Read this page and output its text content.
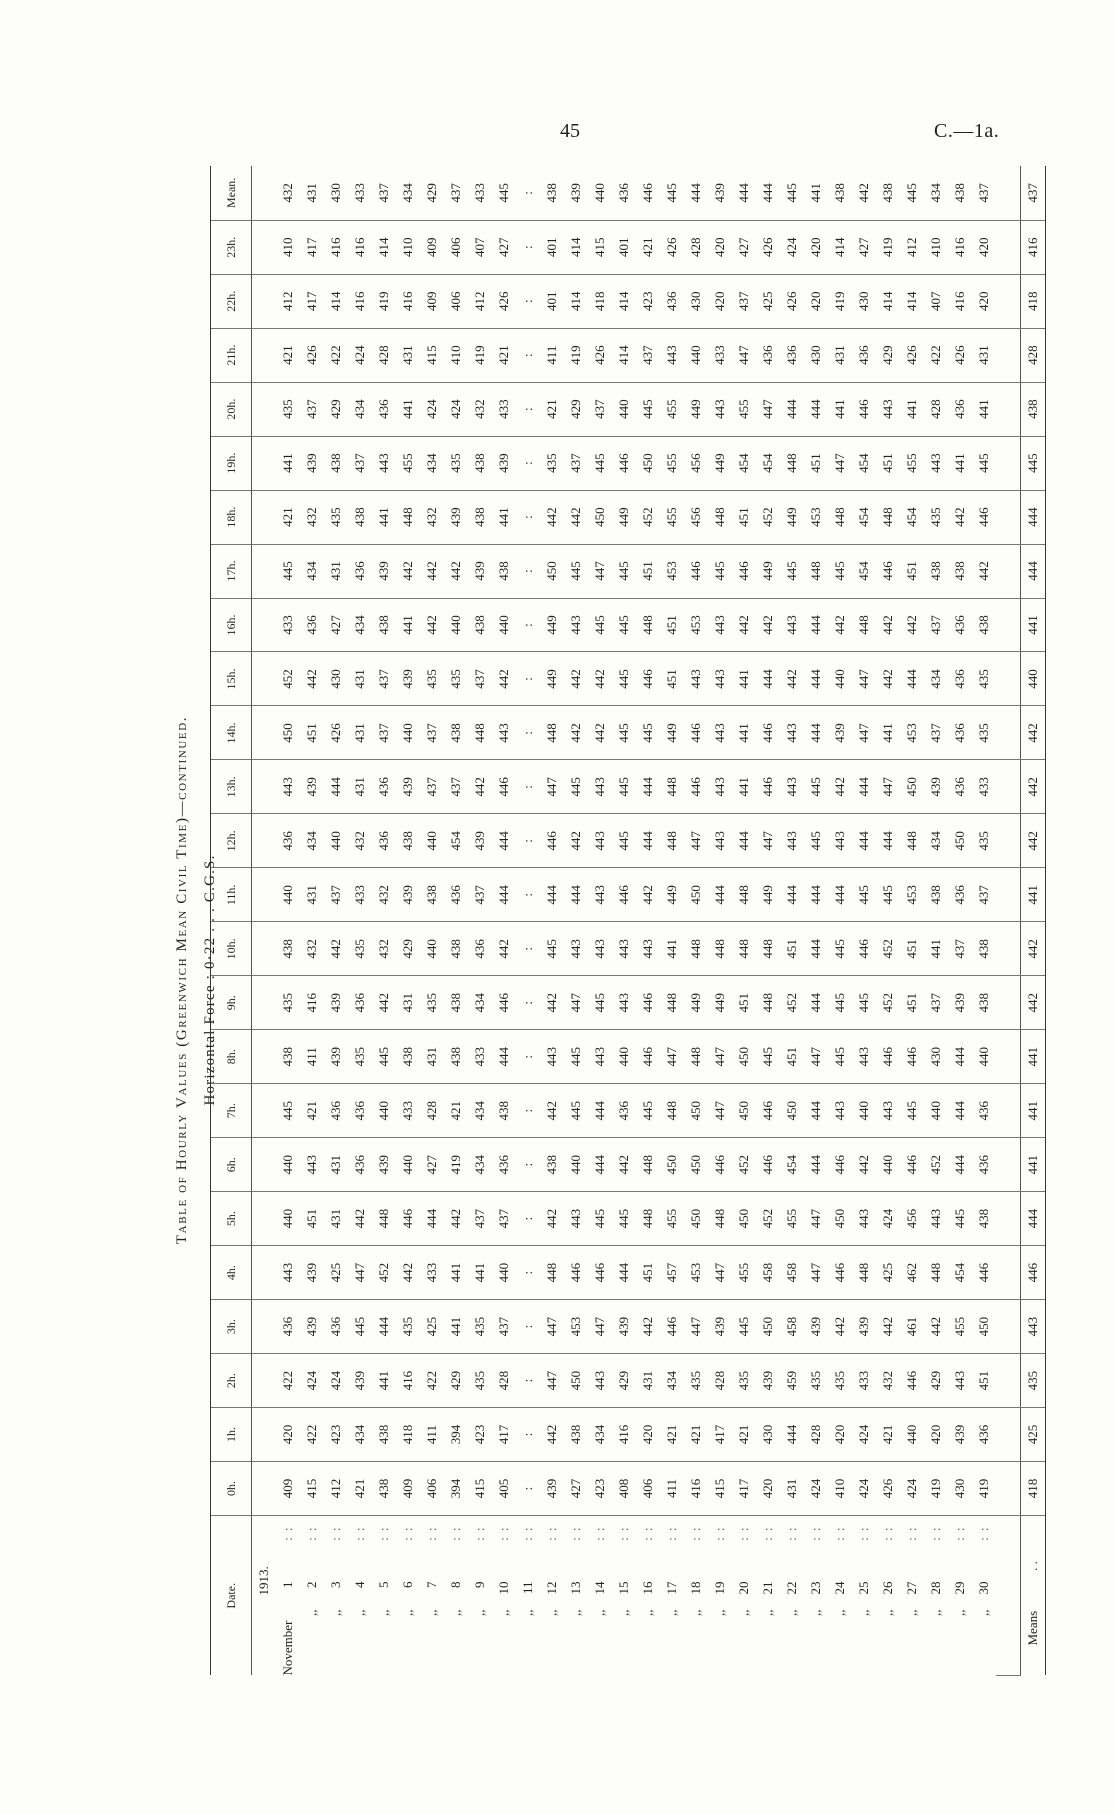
45	C.—1a.
Table of Hourly Values (Greenwich Mean Civil Time)—continued. Horizontal Force : 0·22 . . . C.G.S.
Date.	0h.	1h.	2h.	3h.	4h.	5h.	6h.	7h.	8h.	9h.	10h.	11h.	12h.	13h.	14h.	15h.	16h.	17h.	18h.	19h.	20h.	21h.	22h.	23h.	Mean.
1913.																									
November1::	409	420	422	436	443	440	440	445	438	435	438	440	436	443	450	452	433	445	421	441	435	421	412	410	432
,,2::	415	422	424	439	439	451	443	421	411	416	432	431	434	439	451	442	436	434	432	439	437	426	417	417	431
,,3::	412	423	424	436	425	431	431	436	439	439	442	437	440	444	426	430	427	431	435	438	429	422	414	416	430
,,4::	421	434	439	445	447	442	436	436	435	436	435	433	432	431	431	431	434	436	438	437	434	424	416	416	433
,,5::	438	438	441	444	452	448	439	440	445	442	432	432	436	436	437	437	438	439	441	443	436	428	419	414	437
,,6::	409	418	416	435	442	446	440	433	438	431	429	439	438	439	440	439	441	442	448	455	441	431	416	410	434
,,7::	406	411	422	425	433	444	427	428	431	435	440	438	440	437	437	435	442	442	432	434	424	415	409	409	429
,,8::	394	394	429	441	441	442	419	421	438	438	438	436	454	437	438	435	440	442	439	435	424	410	406	406	437
,,9::	415	423	435	435	441	437	434	434	433	434	436	437	439	442	448	437	438	439	438	438	432	419	412	407	433
,,10::	405	417	428	437	440	437	436	438	444	446	442	444	444	446	443	442	440	438	441	439	433	421	426	427	445
,,11::	:	:	:	:	:	:	:	:	:	:	:	:	:	:	:	:	:	:	:	:	:	:	:	:	:
,,12::	439	442	447	447	448	442	438	442	443	442	445	444	446	447	448	449	449	450	442	435	421	411	401	401	438
,,13::	427	438	450	453	446	443	440	445	445	447	443	444	442	445	442	442	443	445	442	437	429	419	414	414	439
,,14::	423	434	443	447	446	445	444	444	443	445	443	443	443	443	442	442	445	447	450	445	437	426	418	415	440
,,15::	408	416	429	439	444	445	442	436	440	443	443	446	445	445	445	445	445	445	449	446	440	414	414	401	436
,,16::	406	420	431	442	451	448	448	445	446	446	443	442	444	444	445	446	448	451	452	450	445	437	423	421	446
,,17::	411	421	434	446	457	455	450	448	447	448	441	449	448	448	449	451	451	453	455	455	455	443	436	426	445
,,18::	416	421	435	447	453	450	450	450	448	449	448	450	447	446	446	443	453	446	456	456	449	440	430	428	444
,,19::	415	417	428	439	447	448	446	447	447	449	448	444	443	443	443	443	443	445	448	449	443	433	420	420	439
,,20::	417	421	435	445	455	450	452	450	450	451	448	448	444	441	441	441	442	446	451	454	455	447	437	427	444
,,21::	420	430	439	450	458	452	446	446	445	448	448	449	447	446	446	444	442	449	452	454	447	436	425	426	444
,,22::	431	444	459	458	458	455	454	450	451	452	451	444	443	443	443	442	443	445	449	448	444	436	426	424	445
,,23::	424	428	435	439	447	447	444	444	447	444	444	444	445	445	444	444	444	448	453	451	444	430	420	420	441
,,24::	410	420	435	442	446	450	446	443	445	445	445	444	443	442	439	440	442	445	448	447	441	431	419	414	438
,,25::	424	424	433	439	448	443	442	440	443	445	446	445	444	444	447	447	448	454	454	454	446	436	430	427	442
,,26::	426	421	432	442	425	424	440	443	446	452	452	445	444	447	441	442	442	446	448	451	443	429	414	419	438
,,27::	424	440	446	461	462	456	446	445	446	451	451	453	448	450	453	444	442	451	454	455	441	426	414	412	445
,,28::	419	420	429	442	448	443	452	440	430	437	441	438	434	439	437	434	437	438	435	443	428	422	407	410	434
,,29::	430	439	443	455	454	445	444	444	444	439	437	436	450	436	436	436	436	438	442	441	436	426	416	416	438
,,30::	419	436	451	450	446	438	436	436	440	438	438	437	435	433	435	435	438	442	446	445	441	431	420	420	437

Means. .	418	425	435	443	446	444	441	441	441	442	442	441	442	442	442	440	441	444	444	445	438	428	418	416	437
